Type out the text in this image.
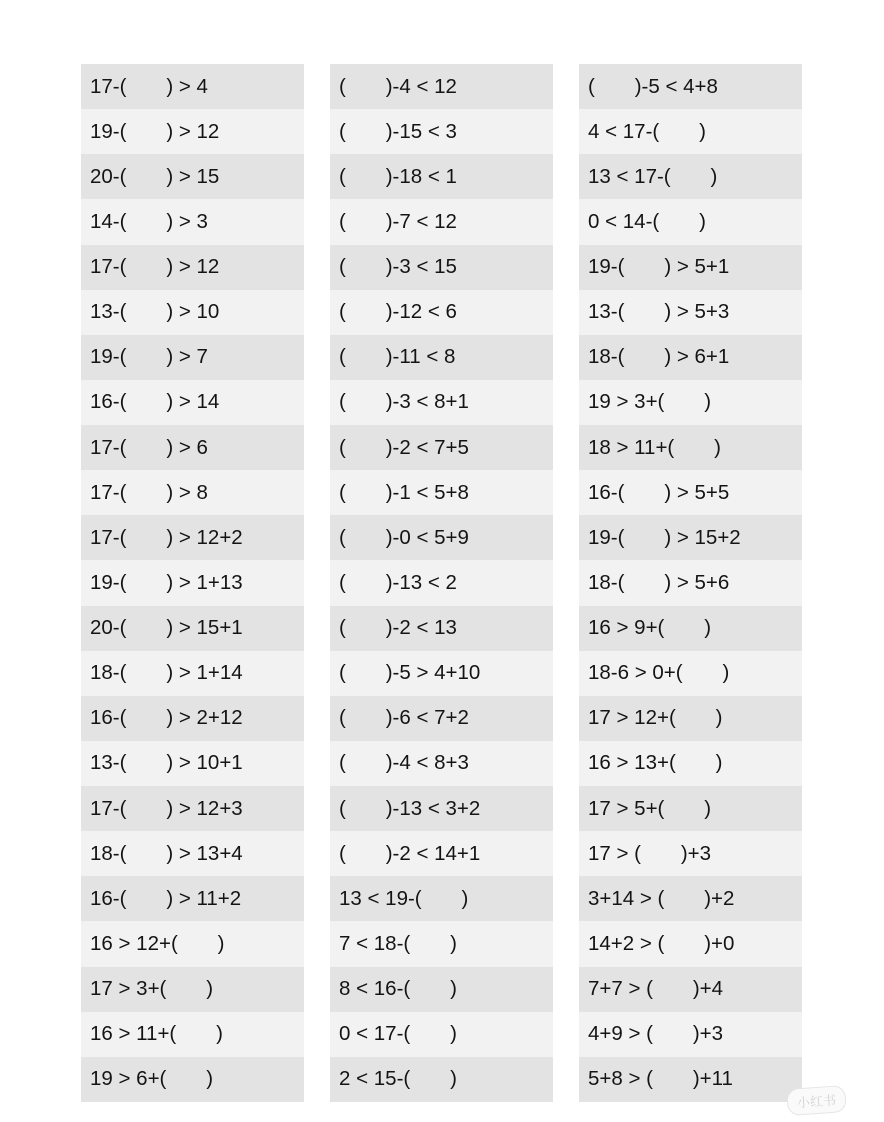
17-(       ) > 4
19-(       ) > 12
20-(       ) > 15
14-(       ) > 3
17-(       ) > 12
13-(       ) > 10
19-(       ) > 7
16-(       ) > 14
17-(       ) > 6
17-(       ) > 8
17-(       ) > 12+2
19-(       ) > 1+13
20-(       ) > 15+1
18-(       ) > 1+14
16-(       ) > 2+12
13-(       ) > 10+1
17-(       ) > 12+3
18-(       ) > 13+4
16-(       ) > 11+2
16 > 12+(       )
17 > 3+(       )
16 > 11+(       )
19 > 6+(       )
(       )-4 < 12
(       )-15 < 3
(       )-18 < 1
(       )-7 < 12
(       )-3 < 15
(       )-12 < 6
(       )-11 < 8
(       )-3 < 8+1
(       )-2 < 7+5
(       )-1 < 5+8
(       )-0 < 5+9
(       )-13 < 2
(       )-2 < 13
(       )-5 > 4+10
(       )-6 < 7+2
(       )-4 < 8+3
(       )-13 < 3+2
(       )-2 < 14+1
13 < 19-(       )
7 < 18-(       )
8 < 16-(       )
0 < 17-(       )
2 < 15-(       )
(       )-5 < 4+8
4 < 17-(       )
13 < 17-(       )
0 < 14-(       )
19-(       ) > 5+1
13-(       ) > 5+3
18-(       ) > 6+1
19 > 3+(       )
18 > 11+(       )
16-(       ) > 5+5
19-(       ) > 15+2
18-(       ) > 5+6
16 > 9+(       )
18-6 > 0+(       )
17 > 12+(       )
16 > 13+(       )
17 > 5+(       )
17 > (       )+3
3+14 > (       )+2
14+2 > (       )+0
7+7 > (       )+4
4+9 > (       )+3
5+8 > (       )+11
小红书
